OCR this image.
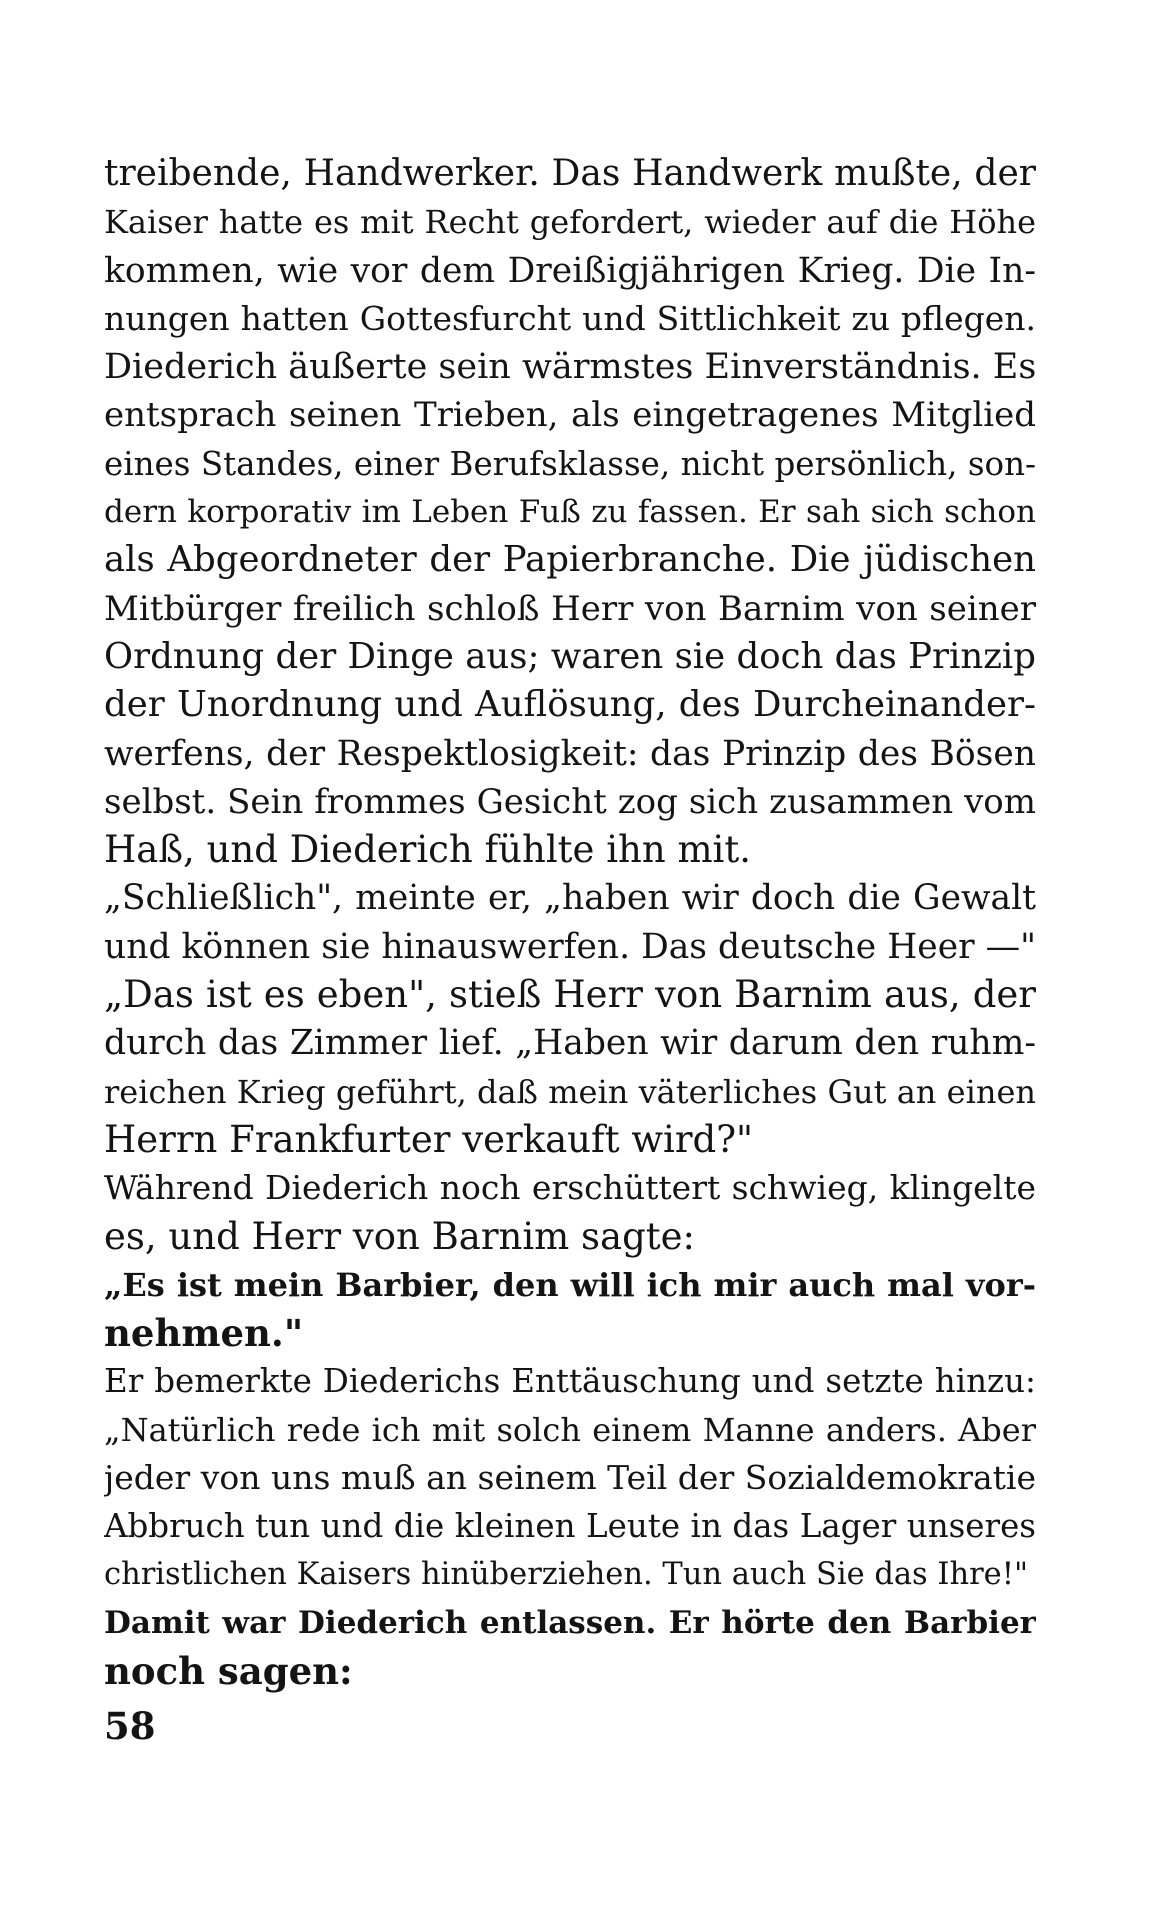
treibende, Handwerker. Das Handwerk mußte, der
Kaiser hatte es mit Recht gefordert, wieder auf die Höhe
kommen, wie vor dem Dreißigjährigen Krieg. Die In-
nungen hatten Gottesfurcht und Sittlichkeit zu pflegen.
Diederich äußerte sein wärmstes Einverständnis. Es
entsprach seinen Trieben, als eingetragenes Mitglied
eines Standes, einer Berufsklasse, nicht persönlich, son-
dern korporativ im Leben Fuß zu fassen. Er sah sich schon
als Abgeordneter der Papierbranche. Die jüdischen
Mitbürger freilich schloß Herr von Barnim von seiner
Ordnung der Dinge aus; waren sie doch das Prinzip
der Unordnung und Auflösung, des Durcheinander-
werfens, der Respektlosigkeit: das Prinzip des Bösen
selbst. Sein frommes Gesicht zog sich zusammen vom
Haß, und Diederich fühlte ihn mit.
„Schließlich", meinte er, „haben wir doch die Gewalt
und können sie hinauswerfen. Das deutsche Heer —"
„Das ist es eben", stieß Herr von Barnim aus, der
durch das Zimmer lief. „Haben wir darum den ruhm-
reichen Krieg geführt, daß mein väterliches Gut an einen
Herrn Frankfurter verkauft wird?"
Während Diederich noch erschüttert schwieg, klingelte
es, und Herr von Barnim sagte:
„Es ist mein Barbier, den will ich mir auch mal vor-
nehmen."
Er bemerkte Diederichs Enttäuschung und setzte hinzu:
„Natürlich rede ich mit solch einem Manne anders. Aber
jeder von uns muß an seinem Teil der Sozialdemokratie
Abbruch tun und die kleinen Leute in das Lager unseres
christlichen Kaisers hinüberziehen. Tun auch Sie das Ihre!"
Damit war Diederich entlassen. Er hörte den Barbier
noch sagen:
58
